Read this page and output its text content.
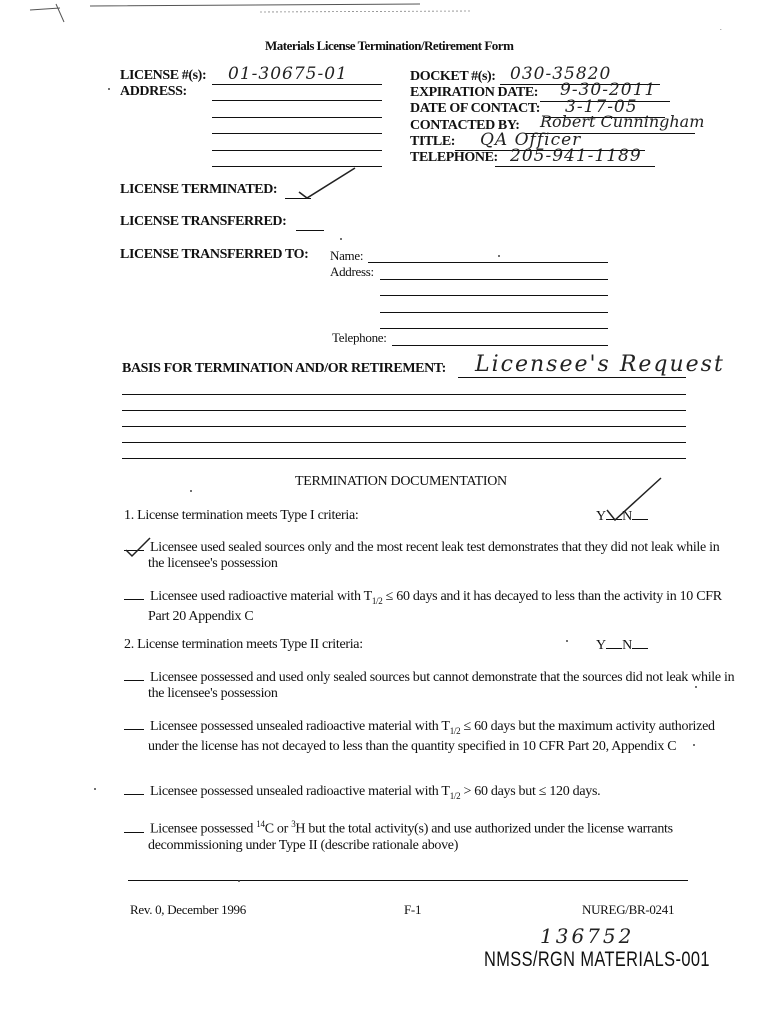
Materials License Termination/Retirement Form
LICENSE #(s): 01-30675-01
ADDRESS:
DOCKET #(s): 030-35820
EXPIRATION DATE: 9-30-2011
DATE OF CONTACT: 3-17-05
CONTACTED BY: Robert Cunningham
TITLE: QA Officer
TELEPHONE: 205-941-1189
LICENSE TERMINATED:
LICENSE TRANSFERRED:
LICENSE TRANSFERRED TO: Name:
Address:
Telephone:
BASIS FOR TERMINATION AND/OR RETIREMENT: Licensee's Request
TERMINATION DOCUMENTATION
1. License termination meets Type I criteria:	Y N
Licensee used sealed sources only and the most recent leak test demonstrates that they did not leak while in the licensee's possession
Licensee used radioactive material with $T_{1/2} \le 60$ days and it has decayed to less than the activity in 10 CFR Part 20 Appendix C
2. License termination meets Type II criteria:	Y N
Licensee possessed and used only sealed sources but cannot demonstrate that the sources did not leak while in the licensee's possession
Licensee possessed unsealed radioactive material with $T_{1/2} \le 60$ days but the maximum activity authorized under the license has not decayed to less than the quantity specified in 10 CFR Part 20, Appendix C
Licensee possessed unsealed radioactive material with $T_{1/2} > 60$ days but ≤ 120 days.
Licensee possessed $^{14}$C or $^3$H but the total activity(s) and use authorized under the license warrants decommissioning under Type II (describe rationale above)
Rev. 0, December 1996	F-1	NUREG/BR-0241
136752
NMSS/RGN MATERIALS-001
